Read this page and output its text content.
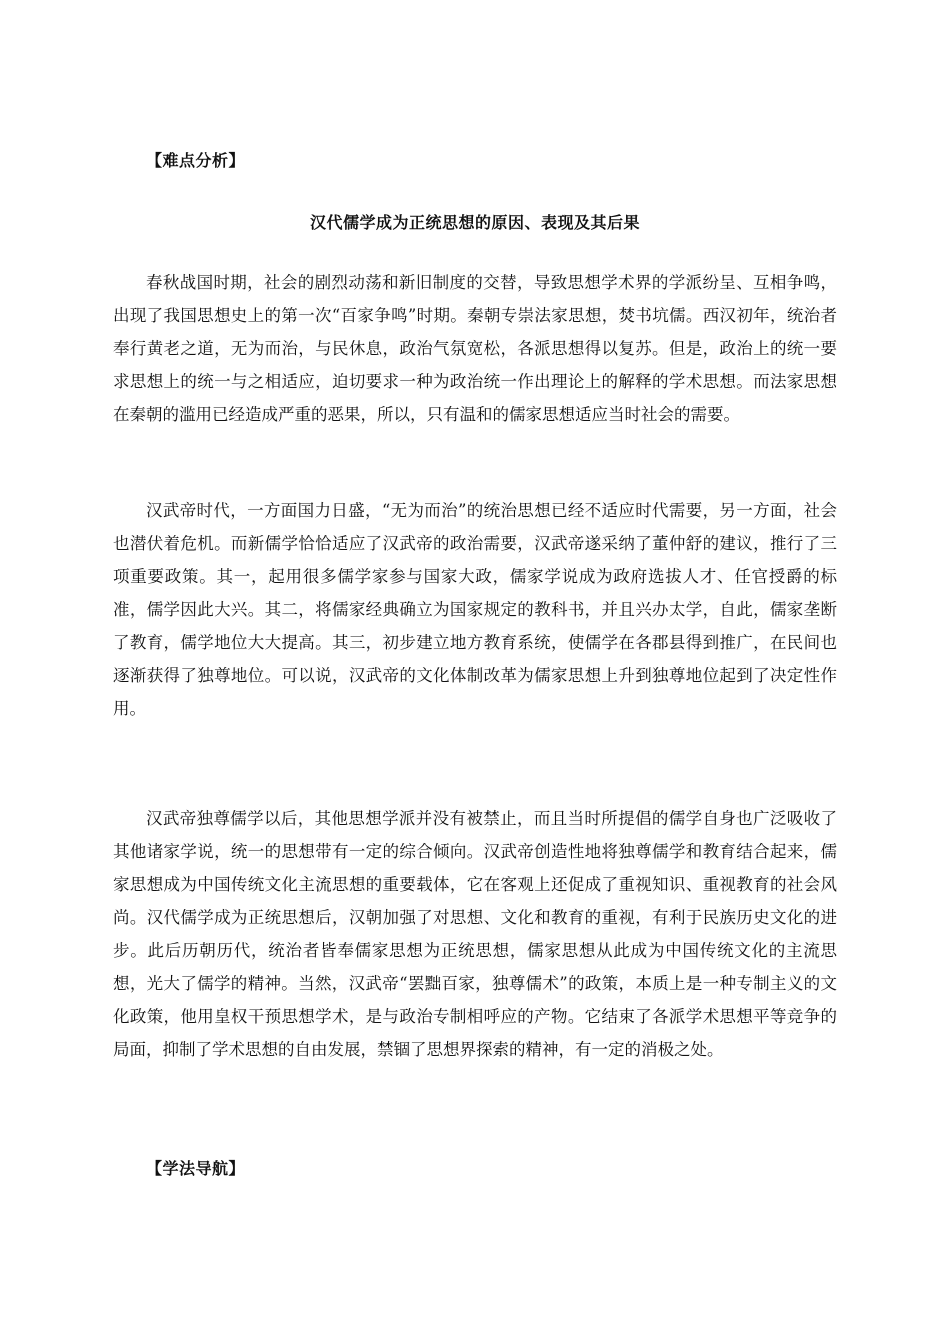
【难点分析】
汉代儒学成为正统思想的原因、表现及其后果

春秋战国时期，社会的剧烈动荡和新旧制度的交替，导致思想学术界的学派纷呈、互相争鸣，出现了我国思想史上的第一次“百家争鸣”时期。秦朝专崇法家思想，焚书坑儒。西汉初年，统治者奉行黄老之道，无为而治，与民休息，政治气氛宽松，各派思想得以复苏。但是，政治上的统一要求思想上的统一与之相适应，迫切要求一种为政治统一作出理论上的解释的学术思想。而法家思想在秦朝的滥用已经造成严重的恶果，所以，只有温和的儒家思想适应当时社会的需要。

汉武帝时代，一方面国力日盛，“无为而治”的统治思想已经不适应时代需要，另一方面，社会也潜伏着危机。而新儒学恰恰适应了汉武帝的政治需要，汉武帝遂采纳了董仲舒的建议，推行了三项重要政策。其一，起用很多儒学家参与国家大政，儒家学说成为政府选拔人才、任官授爵的标准，儒学因此大兴。其二，将儒家经典确立为国家规定的教科书，并且兴办太学，自此，儒家垄断了教育，儒学地位大大提高。其三，初步建立地方教育系统，使儒学在各郡县得到推广，在民间也逐渐获得了独尊地位。可以说，汉武帝的文化体制改革为儒家思想上升到独尊地位起到了决定性作用。

汉武帝独尊儒学以后，其他思想学派并没有被禁止，而且当时所提倡的儒学自身也广泛吸收了其他诸家学说，统一的思想带有一定的综合倾向。汉武帝创造性地将独尊儒学和教育结合起来，儒家思想成为中国传统文化主流思想的重要载体，它在客观上还促成了重视知识、重视教育的社会风尚。汉代儒学成为正统思想后，汉朝加强了对思想、文化和教育的重视，有利于民族历史文化的进步。此后历朝历代，统治者皆奉儒家思想为正统思想，儒家思想从此成为中国传统文化的主流思想，光大了儒学的精神。当然，汉武帝“罢黜百家，独尊儒术”的政策，本质上是一种专制主义的文化政策，他用皇权干预思想学术，是与政治专制相呼应的产物。它结束了各派学术思想平等竞争的局面，抑制了学术思想的自由发展，禁锢了思想界探索的精神，有一定的消极之处。

【学法导航】
